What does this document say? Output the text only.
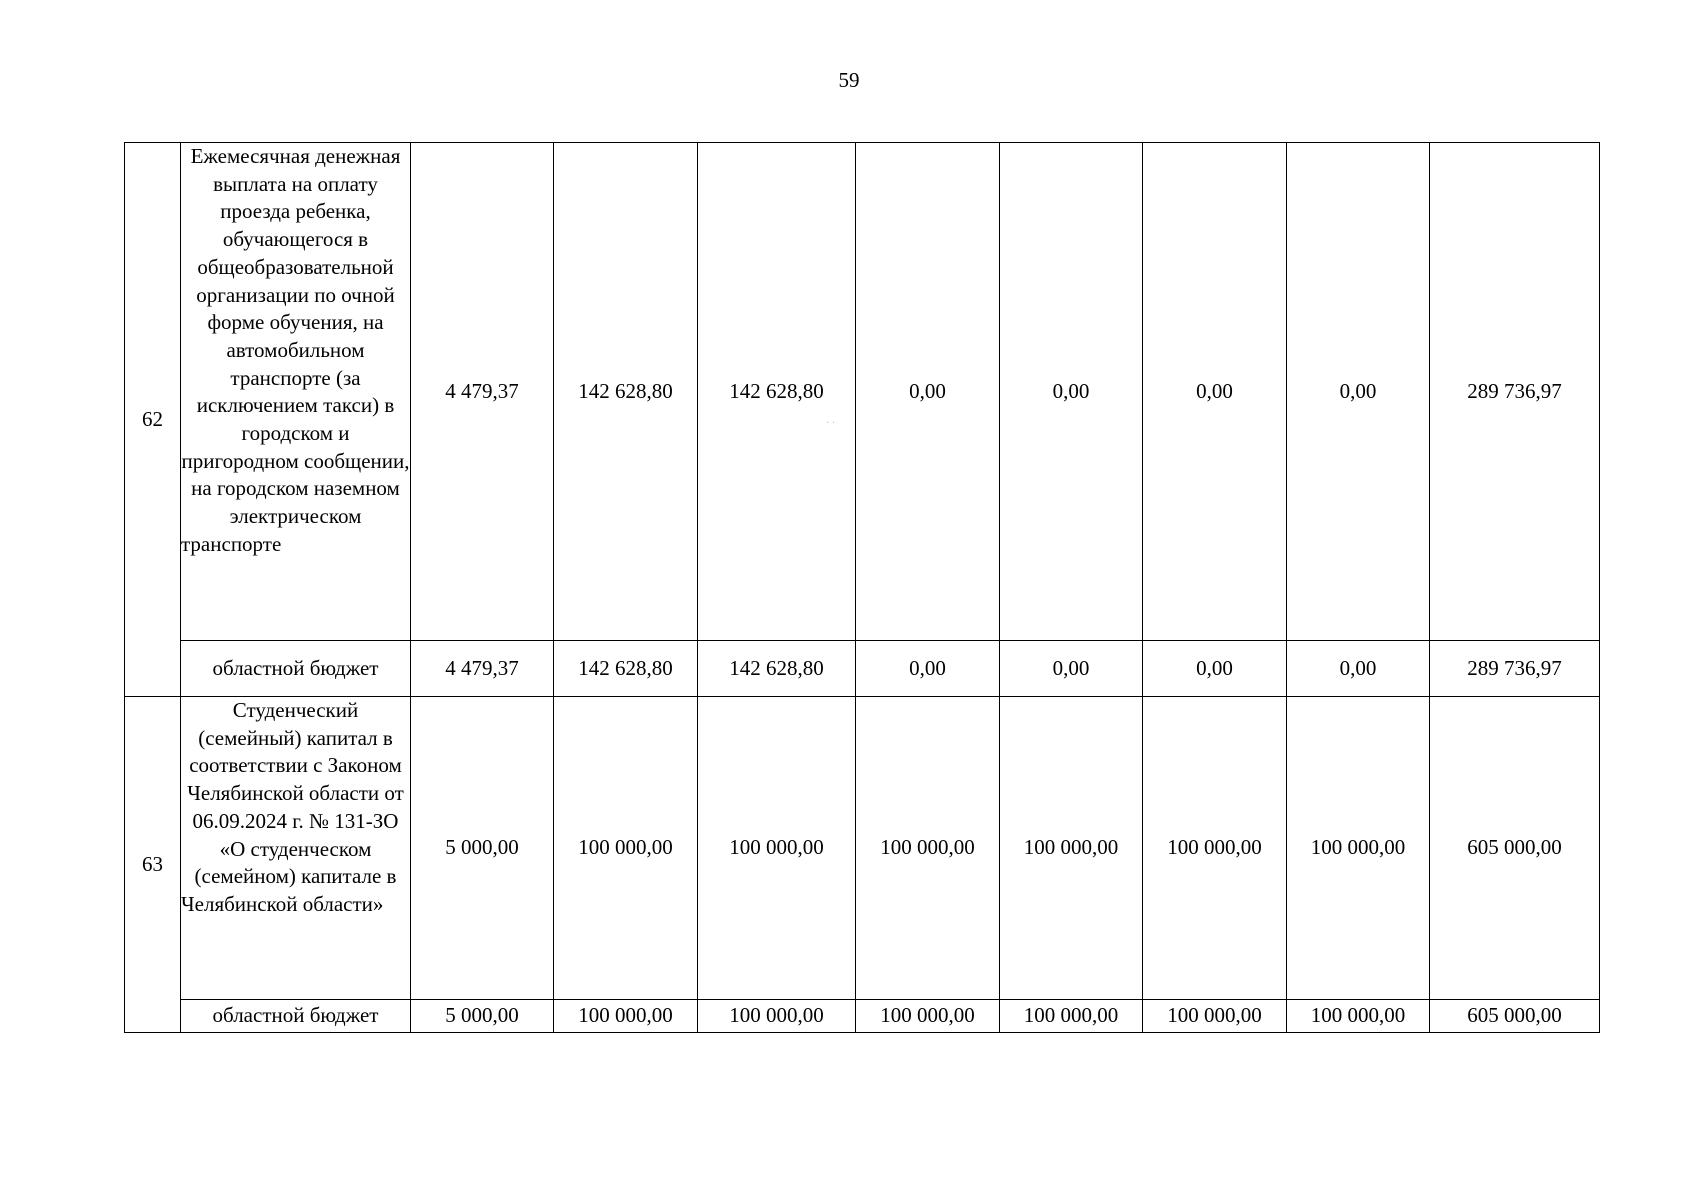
59
62	Ежемесячная денежная выплата на оплату проезда ребенка, обучающегося в общеобразовательной организации по очной форме обучения, на автомобильном транспорте (за исключением такси) в городском и пригородном сообщении, на городском наземном электрическом транспорте	4 479,37	142 628,80	142 628,80	0,00	0,00	0,00	0,00	289 736,97
	областной бюджет	4 479,37	142 628,80	142 628,80	0,00	0,00	0,00	0,00	289 736,97
63	Студенческий (семейный) капитал в соответствии с Законом Челябинской области от 06.09.2024 г. № 131-ЗО «О студенческом (семейном) капитале в Челябинской области»	5 000,00	100 000,00	100 000,00	100 000,00	100 000,00	100 000,00	100 000,00	605 000,00
	областной бюджет	5 000,00	100 000,00	100 000,00	100 000,00	100 000,00	100 000,00	100 000,00	605 000,00
· ·
